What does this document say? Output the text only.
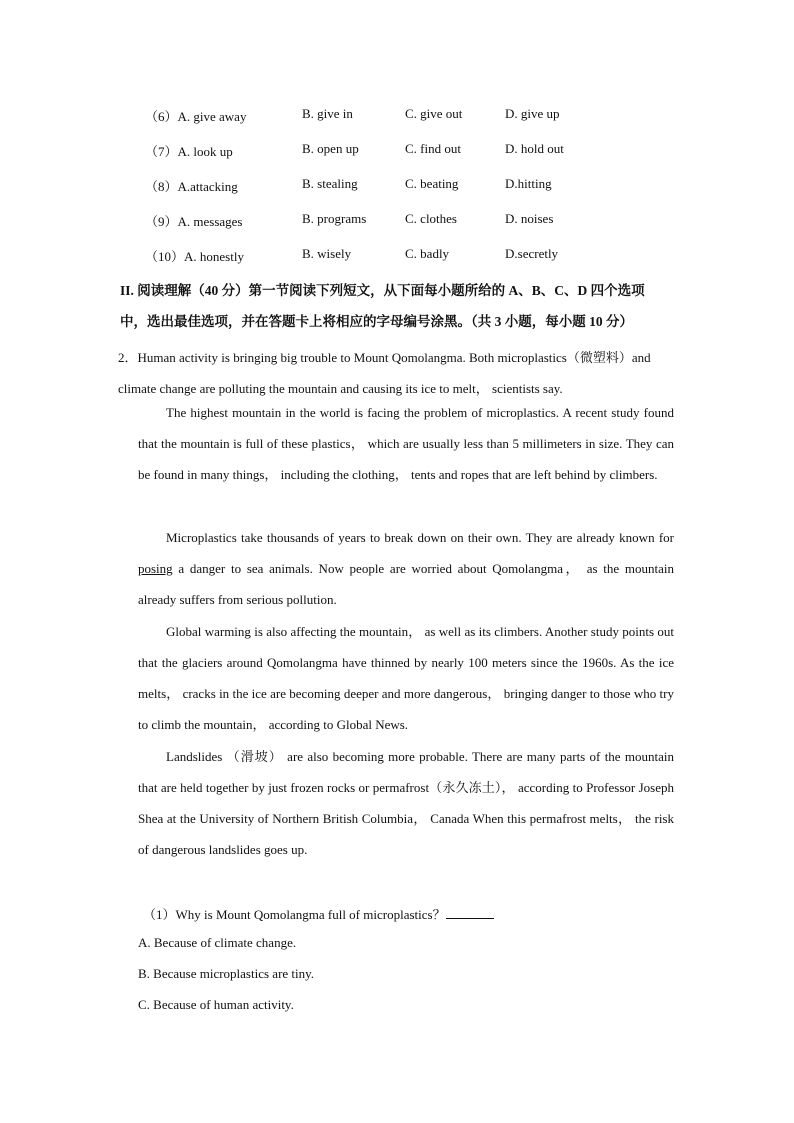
（6）A. give away	B. give in	C. give out	D. give up
（7）A. look up	B. open up	C. find out	D. hold out
（8）A.attacking	B. stealing	C. beating	D.hitting
（9）A. messages	B. programs	C. clothes	D. noises
（10）A. honestly	B. wisely	C. badly	D.secretly
II. 阅读理解（40 分）第一节阅读下列短文，从下面每小题所给的 A、B、C、D 四个选项
中，选出最佳选项，并在答题卡上将相应的字母编号涂黑。（共 3 小题，每小题 10 分）
2．Human activity is bringing big trouble to Mount Qomolangma. Both microplastics（微塑料）and climate change are polluting the mountain and causing its ice to melt， scientists say.
The highest mountain in the world is facing the problem of microplastics. A recent study found that the mountain is full of these plastics， which are usually less than 5 millimeters in size. They can be found in many things， including the clothing， tents and ropes that are left behind by climbers.
Microplastics take thousands of years to break down on their own. They are already known for posing a danger to sea animals. Now people are worried about Qomolangma， as the mountain already suffers from serious pollution.
Global warming is also affecting the mountain， as well as its climbers. Another study points out that the glaciers around Qomolangma have thinned by nearly 100 meters since the 1960s. As the ice melts， cracks in the ice are becoming deeper and more dangerous， bringing danger to those who try to climb the mountain， according to Global News.
Landslides （滑坡） are also becoming more probable. There are many parts of the mountain that are held together by just frozen rocks or permafrost（永久冻土）， according to Professor Joseph Shea at the University of Northern British Columbia， Canada When this permafrost melts， the risk of dangerous landslides goes up.
（1）Why is Mount Qomolangma full of microplastics？
A. Because of climate change.
B. Because microplastics are tiny.
C. Because of human activity.
